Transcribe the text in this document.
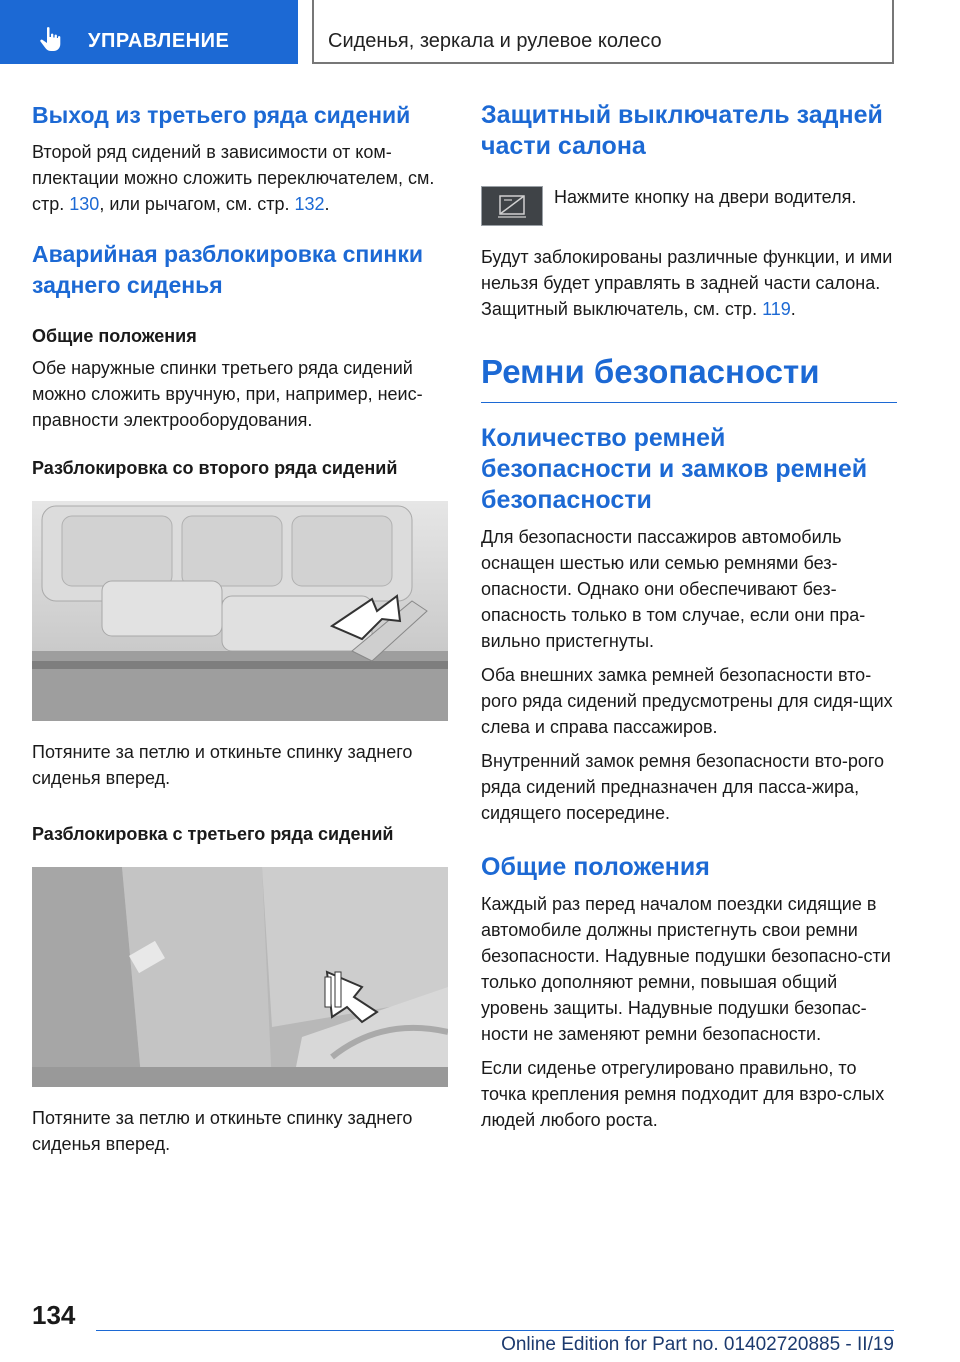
УПРАВЛЕНИЕ	Сиденья, зеркала и рулевое колесо
Выход из третьего ряда сидений

Второй ряд сидений в зависимости от ком-плектации можно сложить переключателем, см. стр. 130, или рычагом, см. стр. 132.

Аварийная разблокировка спинки заднего сиденья
Общие положения

Обе наружные спинки третьего ряда сидений можно сложить вручную, при, например, неис-правности электрооборудования.

Разблокировка со второго ряда сидений

Потяните за петлю и откиньте спинку заднего сиденья вперед.

Разблокировка с третьего ряда сидений

Потяните за петлю и откиньте спинку заднего сиденья вперед.

Защитный выключатель задней части салона

Нажмите кнопку на двери водителя.

Будут заблокированы различные функции, и ими нельзя будет управлять в задней части салона. Защитный выключатель, см. стр. 119.

Ремни безопасности
Количество ремней безопасности и замков ремней безопасности

Для безопасности пассажиров автомобиль оснащен шестью или семью ремнями без-опасности. Однако они обеспечивают без-опасность только в том случае, если они пра-вильно пристегнуты.

Оба внешних замка ремней безопасности вто-рого ряда сидений предусмотрены для сидя-щих слева и справа пассажиров.

Внутренний замок ремня безопасности вто-рого ряда сидений предназначен для пасса-жира, сидящего посередине.

Общие положения

Каждый раз перед началом поездки сидящие в автомобиле должны пристегнуть свои ремни безопасности. Надувные подушки безопасно-сти только дополняют ремни, повышая общий уровень защиты. Надувные подушки безопас-ности не заменяют ремни безопасности.

Если сиденье отрегулировано правильно, то точка крепления ремня подходит для взро-слых людей любого роста.

134
Online Edition for Part no. 01402720885 - II/19
